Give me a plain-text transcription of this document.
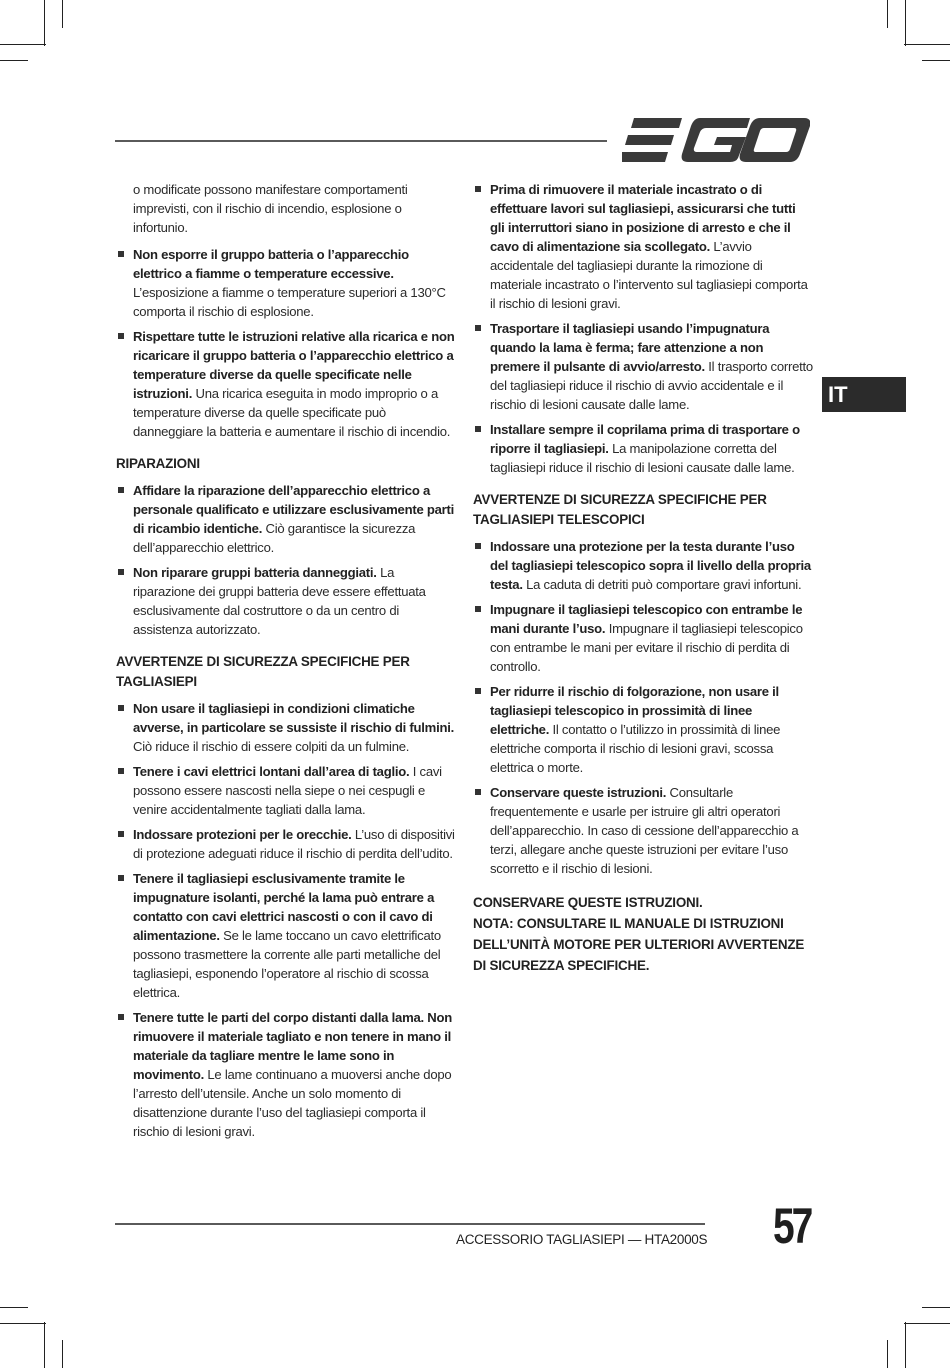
IT

o modificate possono manifestare comportamenti imprevisti, con il rischio di incendio, esplosione o infortunio.

Non esporre il gruppo batteria o l’apparecchio elettrico a fiamme o temperature eccessive. L’esposizione a fiamme o temperature superiori a 130°C comporta il rischio di esplosione.
Rispettare tutte le istruzioni relative alla ricarica e non ricaricare il gruppo batteria o l’apparecchio elettrico a temperature diverse da quelle specificate nelle istruzioni. Una ricarica eseguita in modo improprio o a temperature diverse da quelle specificate può danneggiare la batteria e aumentare il rischio di incendio.
RIPARAZIONI
Affidare la riparazione dell’apparecchio elettrico a personale qualificato e utilizzare esclusivamente parti di ricambio identiche. Ciò garantisce la sicurezza dell’apparecchio elettrico.
Non riparare gruppi batteria danneggiati. La riparazione dei gruppi batteria deve essere effettuata esclusivamente dal costruttore o da un centro di assistenza autorizzato.
AVVERTENZE DI SICUREZZA SPECIFICHE PER TAGLIASIEPI
Non usare il tagliasiepi in condizioni climatiche avverse, in particolare se sussiste il rischio di fulmini. Ciò riduce il rischio di essere colpiti da un fulmine.
Tenere i cavi elettrici lontani dall’area di taglio. I cavi possono essere nascosti nella siepe o nei cespugli e venire accidentalmente tagliati dalla lama.
Indossare protezioni per le orecchie. L’uso di dispositivi di protezione adeguati riduce il rischio di perdita dell’udito.
Tenere il tagliasiepi esclusivamente tramite le impugnature isolanti, perché la lama può entrare a contatto con cavi elettrici nascosti o con il cavo di alimentazione. Se le lame toccano un cavo elettrificato possono trasmettere la corrente alle parti metalliche del tagliasiepi, esponendo l’operatore al rischio di scossa elettrica.
Tenere tutte le parti del corpo distanti dalla lama. Non rimuovere il materiale tagliato e non tenere in mano il materiale da tagliare mentre le lame sono in movimento. Le lame continuano a muoversi anche dopo l’arresto dell’utensile. Anche un solo momento di disattenzione durante l’uso del tagliasiepi comporta il rischio di lesioni gravi.
Prima di rimuovere il materiale incastrato o di effettuare lavori sul tagliasiepi, assicurarsi che tutti gli interruttori siano in posizione di arresto e che il cavo di alimentazione sia scollegato. L’avvio accidentale del tagliasiepi durante la rimozione di materiale incastrato o l’intervento sul tagliasiepi comporta il rischio di lesioni gravi.
Trasportare il tagliasiepi usando l’impugnatura quando la lama è ferma; fare attenzione a non premere il pulsante di avvio/arresto. Il trasporto corretto del tagliasiepi riduce il rischio di avvio accidentale e il rischio di lesioni causate dalle lame.
Installare sempre il coprilama prima di trasportare o riporre il tagliasiepi. La manipolazione corretta del tagliasiepi riduce il rischio di lesioni causate dalle lame.
AVVERTENZE DI SICUREZZA SPECIFICHE PER TAGLIASIEPI TELESCOPICI
Indossare una protezione per la testa durante l’uso del tagliasiepi telescopico sopra il livello della propria testa. La caduta di detriti può comportare gravi infortuni.
Impugnare il tagliasiepi telescopico con entrambe le mani durante l’uso. Impugnare il tagliasiepi telescopico con entrambe le mani per evitare il rischio di perdita di controllo.
Per ridurre il rischio di folgorazione, non usare il tagliasiepi telescopico in prossimità di linee elettriche. Il contatto o l’utilizzo in prossimità di linee elettriche comporta il rischio di lesioni gravi, scossa elettrica o morte.
Conservare queste istruzioni. Consultarle frequentemente e usarle per istruire gli altri operatori dell’apparecchio. In caso di cessione dell’apparecchio a terzi, allegare anche queste istruzioni per evitare l’uso scorretto e il rischio di lesioni.
CONSERVARE QUESTE ISTRUZIONI.
NOTA: CONSULTARE IL MANUALE DI ISTRUZIONI DELL’UNITÀ MOTORE PER ULTERIORI AVVERTENZE DI SICUREZZA SPECIFICHE.
ACCESSORIO TAGLIASIEPI — HTA2000S 57
